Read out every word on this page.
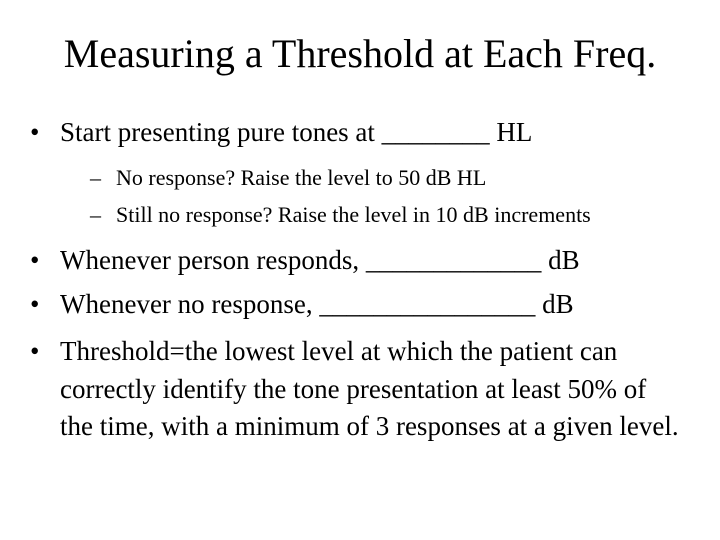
Measuring a Threshold at Each Freq.
• Start presenting pure tones at ________ HL
– No response? Raise the level to 50 dB HL
– Still no response? Raise the level in 10 dB increments
• Whenever person responds, _____________ dB
• Whenever no response, ________________ dB
• Threshold=the lowest level at which the patient can correctly identify the tone presentation at least 50% of the time, with a minimum of 3 responses at a given level.
